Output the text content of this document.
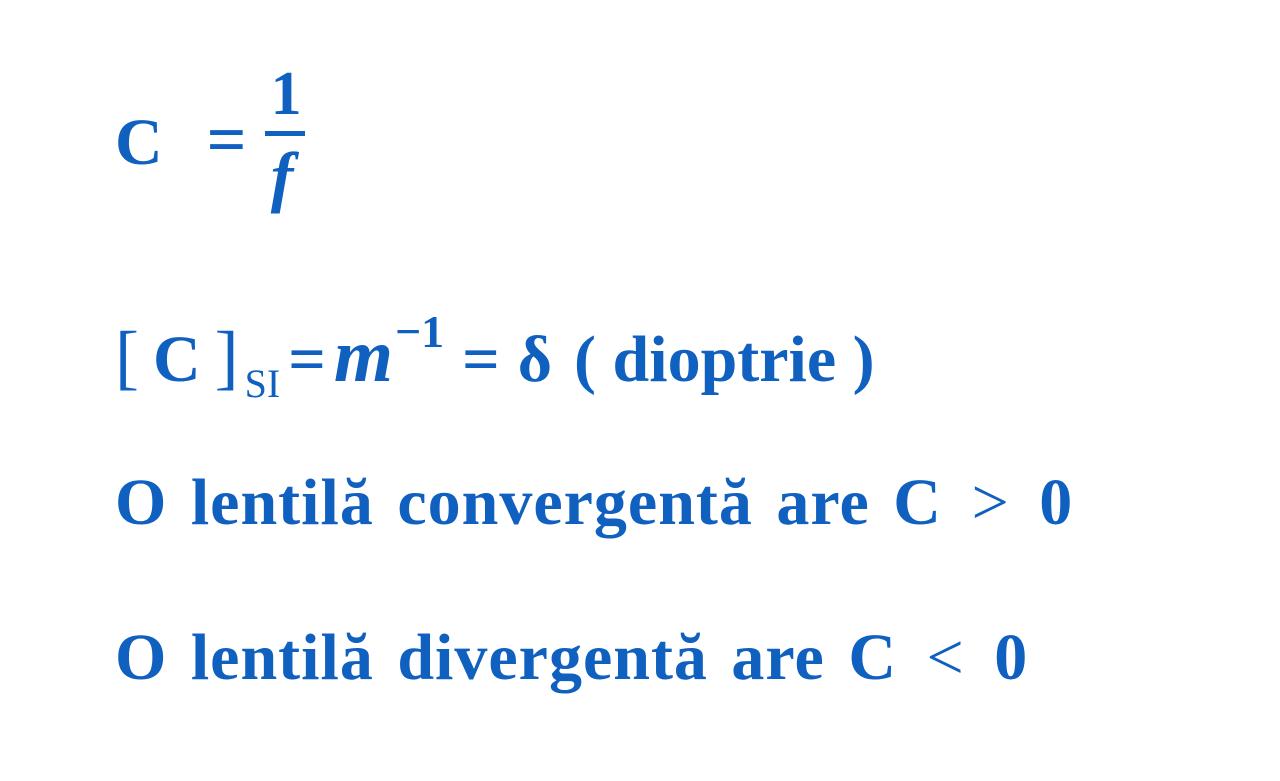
C =
1
f
[ C ] SI = m −1 = δ ( dioptrie )
O lentilă convergentă are C > 0
O lentilă divergentă are C < 0
